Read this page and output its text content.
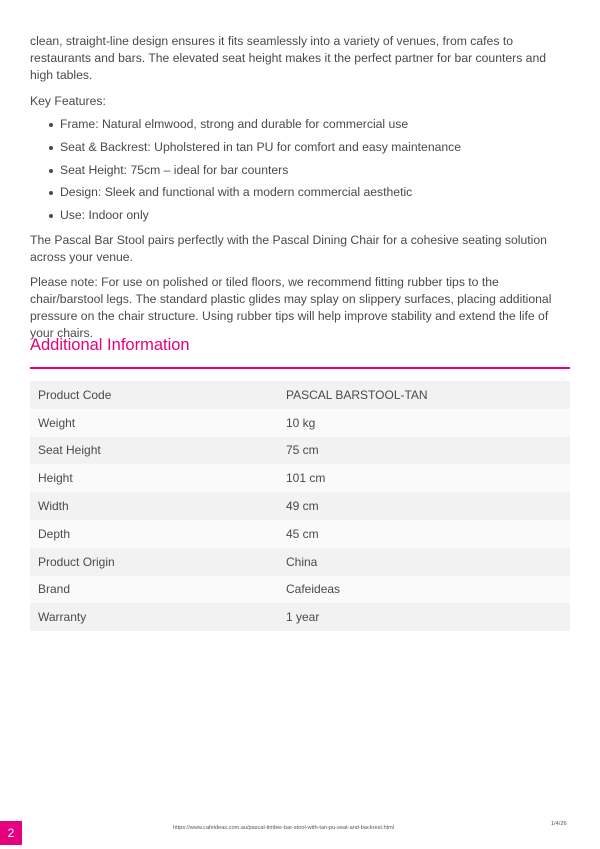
clean, straight-line design ensures it fits seamlessly into a variety of venues, from cafes to restaurants and bars. The elevated seat height makes it the perfect partner for bar counters and high tables.

Key Features:

Frame: Natural elmwood, strong and durable for commercial use
Seat & Backrest: Upholstered in tan PU for comfort and easy maintenance
Seat Height: 75cm – ideal for bar counters
Design: Sleek and functional with a modern commercial aesthetic
Use: Indoor only

The Pascal Bar Stool pairs perfectly with the Pascal Dining Chair for a cohesive seating solution across your venue.

Please note: For use on polished or tiled floors, we recommend fitting rubber tips to the chair/barstool legs. The standard plastic glides may splay on slippery surfaces, placing additional pressure on the chair structure. Using rubber tips will help improve stability and extend the life of your chairs.

Additional Information
Product Code	PASCAL BARSTOOL-TAN
Weight	10 kg
Seat Height	75 cm
Height	101 cm
Width	49 cm
Depth	45 cm
Product Origin	China
Brand	Cafeideas
Warranty	1 year
2	https://www.cafeideas.com.au/pascal-timber-bar-stool-with-tan-pu-seat-and-backrest.html
1/4/26
